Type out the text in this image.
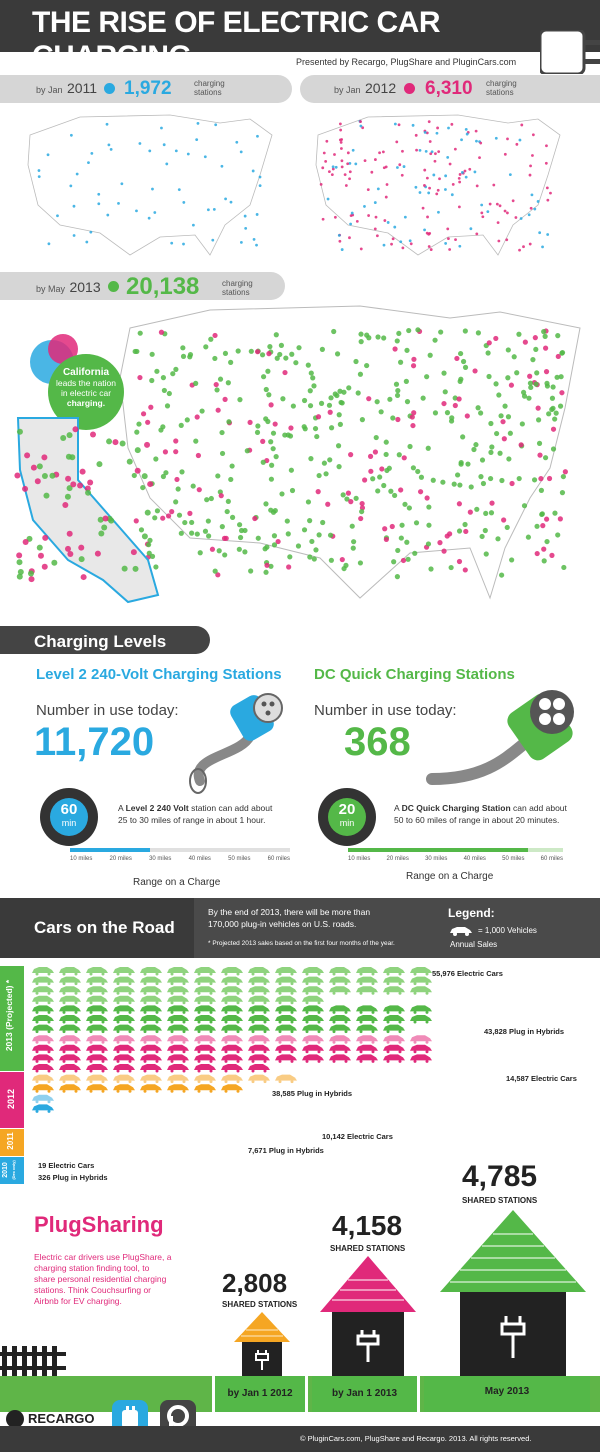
THE RISE OF ELECTRIC CAR CHARGING	Presented by Recargo, PlugShare and PluginCars.com
by Jan 2011 1,972	charging
stations	by Jan 2012 6,310 charging
stations
by May 2013 20,138	charging
stations
California
leads the nation
in electric car
charging.
Charging Levels
Level 2 240-Volt Charging Stations
Number in use today:
11,720
60
min
A Level 2 240 Volt station can add about
25 to 30 miles of range in about 1 hour.
10 miles	20 miles	30 miles	40 miles	50 miles	60 miles
Range on a Charge
DC Quick Charging Stations
Number in use today:
368
20
min
A DC Quick Charging Station can add about
50 to 60 miles of range in about 20 minutes.
10 miles	20 miles	30 miles	40 miles	50 miles	60 miles
Range on a Charge
Cars on the Road
By the end of 2013, there will be more than
170,000 plug-in vehicles on U.S. roads.
* Projected 2013 sales based on the first four months of the year.
Legend:
= 1,000 Vehicles
Annual Sales
2013 (Projected) *
2012
2011
2010 (Dec only)
55,976 Electric Cars
43,828 Plug in Hybrids
14,587 Electric Cars
38,585 Plug in Hybrids
10,142 Electric Cars
7,671 Plug in Hybrids
19 Electric Cars
326 Plug in Hybrids
PlugSharing
Electric car drivers use PlugShare, a
charging station finding tool, to
share personal residential charging
stations. Think Couchsurfing or
Airbnb for EV charging.
2,808
SHARED STATIONS
4,158
SHARED STATIONS
4,785
SHARED STATIONS
by Jan 1 2012	by Jan 1 2013	May 2013
RECARGO
© PluginCars.com, PlugShare and Recargo. 2013. All rights reserved.
